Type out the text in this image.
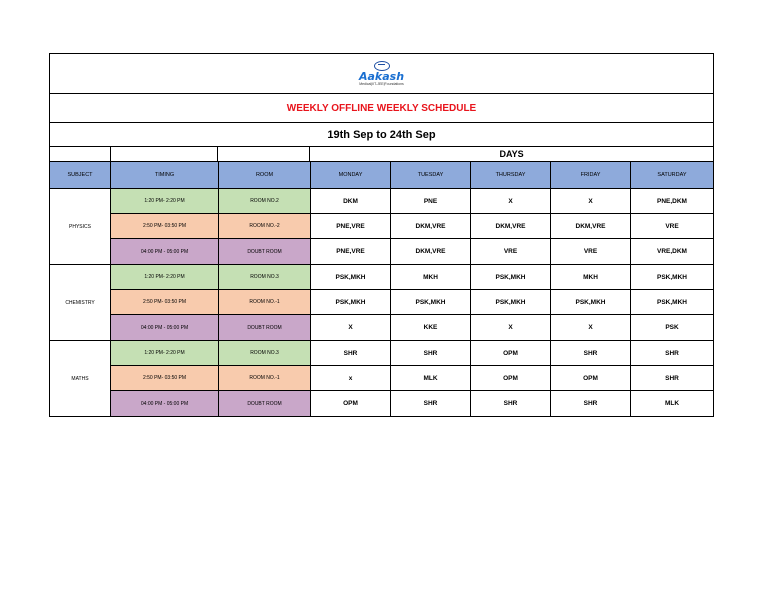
Aakash
Medical|IIT-JEE|Foundations
WEEKLY OFFLINE WEEKLY SCHEDULE
19th Sep to 24th Sep
DAYS
SUBJECT	TIMING	ROOM	MONDAY	TUESDAY	THURSDAY	FRIDAY	SATURDAY
PHYSICS
1:20 PM- 2:20 PM	ROOM NO.2	DKM	PNE	X	X	PNE,DKM
2:50 PM- 03:50 PM	ROOM NO.-2	PNE,VRE	DKM,VRE	DKM,VRE	DKM,VRE	VRE
04:00 PM - 05:00 PM	DOUBT ROOM	PNE,VRE	DKM,VRE	VRE	VRE	VRE,DKM
CHEMISTRY
1:20 PM- 2:20 PM	ROOM NO.3	PSK,MKH	MKH	PSK,MKH	MKH	PSK,MKH
2:50 PM- 03:50 PM	ROOM NO.-1	PSK,MKH	PSK,MKH	PSK,MKH	PSK,MKH	PSK,MKH
04:00 PM - 05:00 PM	DOUBT ROOM	X	KKE	X	X	PSK
MATHS
1:20 PM- 2:20 PM	ROOM NO.3	SHR	SHR	OPM	SHR	SHR
2:50 PM- 03:50 PM	ROOM NO.-1	x	MLK	OPM	OPM	SHR
04:00 PM - 05:00 PM	DOUBT ROOM	OPM	SHR	SHR	SHR	MLK
